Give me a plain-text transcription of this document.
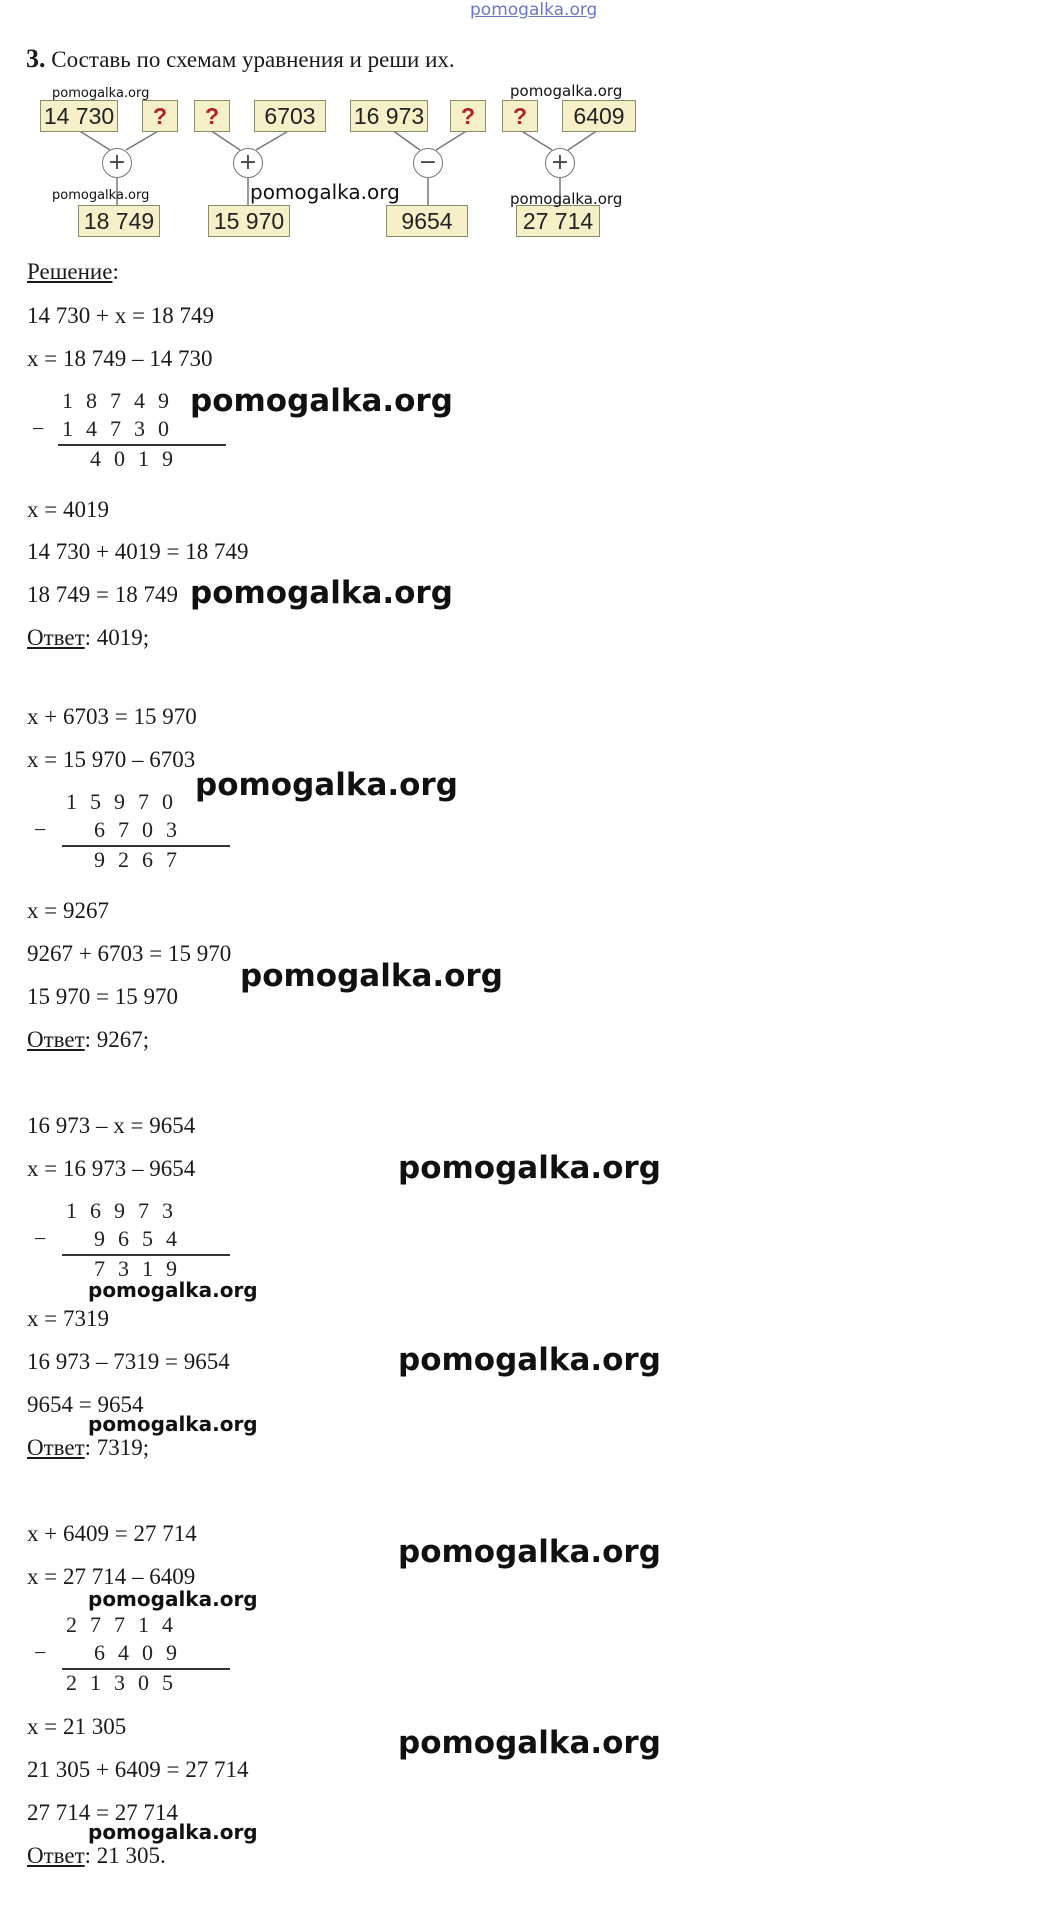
pomogalka.org
3. Составь по схемам уравнения и реши их.
14 730	?
+
18 749
?	6703
+
15 970
16 973	?
−
9654
?	6409
+
27 714
pomogalka.org	pomogalka.org
pomogalka.org	pomogalka.org	pomogalka.org
Решение:
14 730 + x = 18 749
x = 18 749 – 14 730
18749
− 14730
4019
pomogalka.org
x = 4019
14 730 + 4019 = 18 749
18 749 = 18 749 pomogalka.org
Ответ: 4019;
x + 6703 = 15 970
x = 15 970 – 6703
15970
− 6703
9267
pomogalka.org
x = 9267
9267 + 6703 = 15 970
pomogalka.org
15 970 = 15 970
Ответ: 9267;
16 973 – x = 9654
x = 16 973 – 9654	pomogalka.org
16973
− 9654
7319
pomogalka.org
x = 7319
16 973 – 7319 = 9654	pomogalka.org
9654 = 9654
pomogalka.org
Ответ: 7319;
x + 6409 = 27 714
pomogalka.org
x = 27 714 – 6409
pomogalka.org
27714
− 6409
21305
x = 21 305	pomogalka.org
21 305 + 6409 = 27 714
27 714 = 27 714
pomogalka.org
Ответ: 21 305.
